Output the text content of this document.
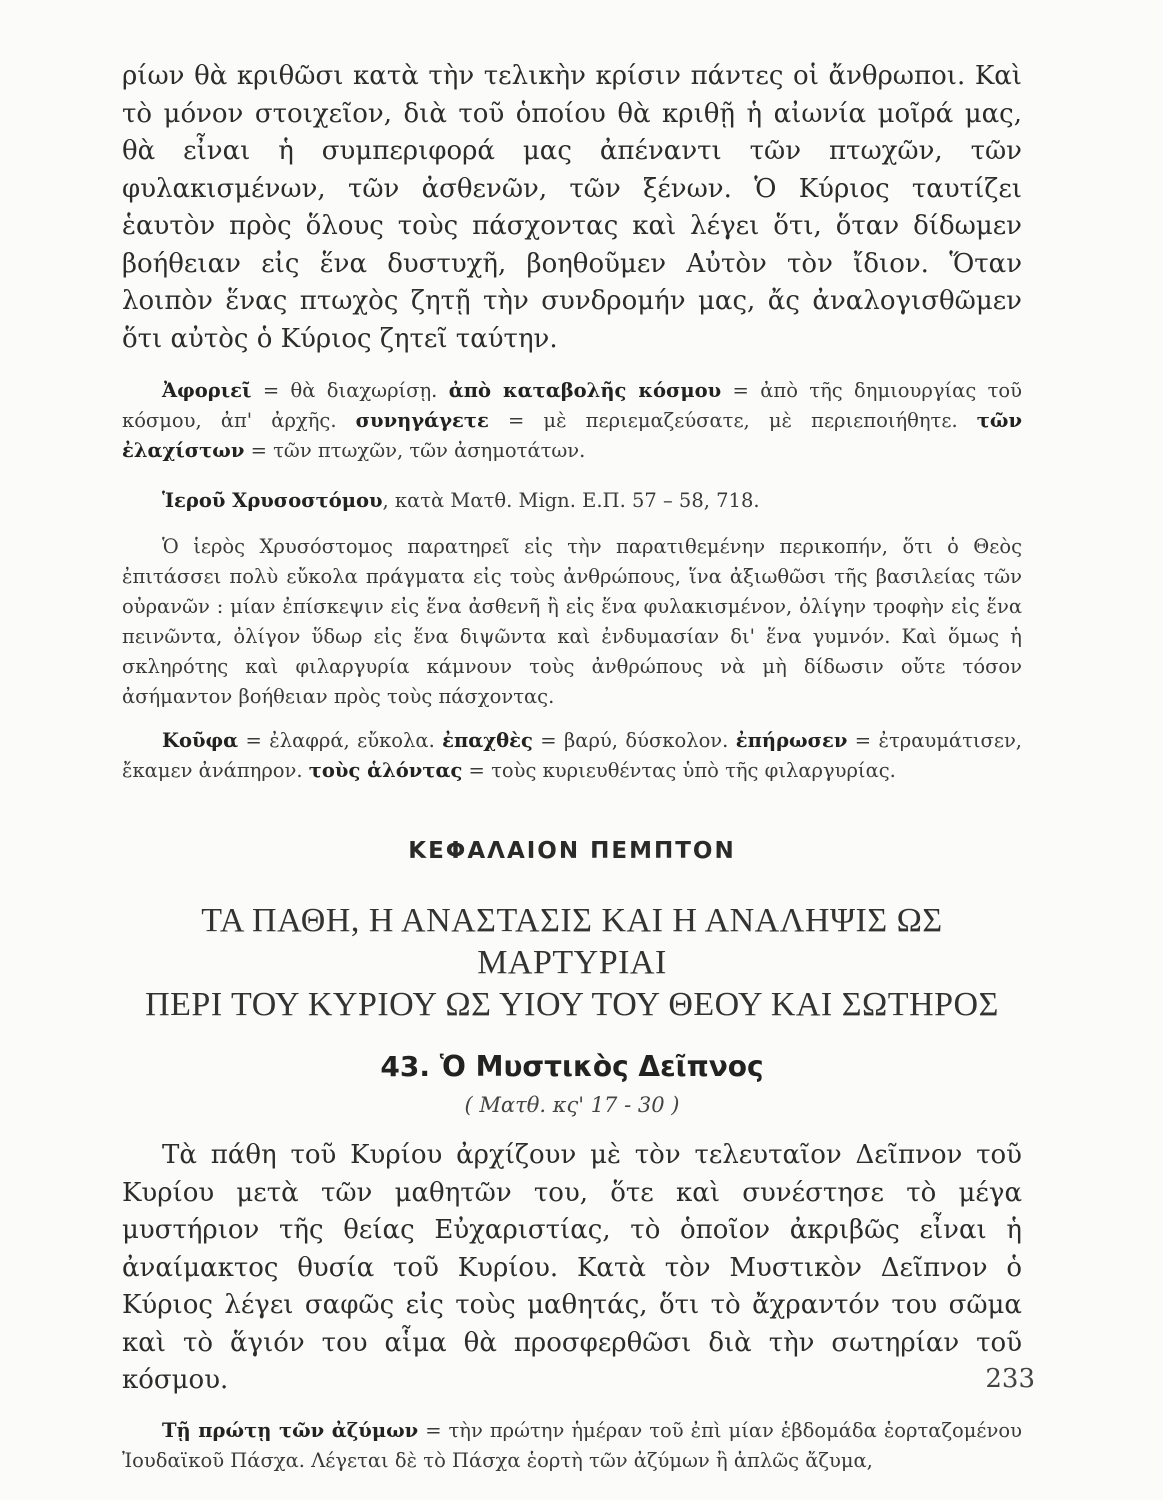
ρίων θὰ κριθῶσι κατὰ τὴν τελικὴν κρίσιν πάντες οἱ ἄνθρωποι. Καὶ τὸ μόνον στοιχεῖον, διὰ τοῦ ὁποίου θὰ κριθῇ ἡ αἰωνία μοῖρά μας, θὰ εἶναι ἡ συμπεριφορά μας ἀπέναντι τῶν πτωχῶν, τῶν φυλακισμένων, τῶν ἀσθενῶν, τῶν ξένων. Ὁ Κύριος ταυτίζει ἑαυτὸν πρὸς ὅλους τοὺς πάσχοντας καὶ λέγει ὅτι, ὅταν δίδωμεν βοήθειαν εἰς ἕνα δυστυχῆ, βοηθοῦμεν Αὐτὸν τὸν ἴδιον. Ὅταν λοιπὸν ἕνας πτωχὸς ζητῇ τὴν συνδρομήν μας, ἄς ἀναλογισθῶμεν ὅτι αὐτὸς ὁ Κύριος ζητεῖ ταύτην.

Ἀφοριεῖ = θὰ διαχωρίσῃ. ἀπὸ καταβολῆς κόσμου = ἀπὸ τῆς δημιουργίας τοῦ κόσμου, ἀπ' ἀρχῆς. συνηγάγετε = μὲ περιεμαζεύσατε, μὲ περιεποιήθητε. τῶν ἐλαχίστων = τῶν πτωχῶν, τῶν ἀσημοτάτων.

Ἱεροῦ Χρυσοστόμου, κατὰ Ματθ. Mign. Ε.Π. 57 – 58, 718.

Ὁ ἱερὸς Χρυσόστομος παρατηρεῖ εἰς τὴν παρατιθεμένην περικοπήν, ὅτι ὁ Θεὸς ἐπιτάσσει πολὺ εὔκολα πράγματα εἰς τοὺς ἀνθρώπους, ἵνα ἀξιωθῶσι τῆς βασιλείας τῶν οὐρανῶν : μίαν ἐπίσκεψιν εἰς ἕνα ἀσθενῆ ἢ εἰς ἕνα φυλακισμένον, ὀλίγην τροφὴν εἰς ἕνα πεινῶντα, ὀλίγον ὕδωρ εἰς ἕνα διψῶντα καὶ ἐνδυμασίαν δι' ἕνα γυμνόν. Καὶ ὅμως ἡ σκληρότης καὶ φιλαργυρία κάμνουν τοὺς ἀνθρώπους νὰ μὴ δίδωσιν οὔτε τόσον ἀσήμαντον βοήθειαν πρὸς τοὺς πάσχοντας.

Κοῦφα = ἐλαφρά, εὔκολα. ἐπαχθὲς = βαρύ, δύσκολον. ἐπήρωσεν = ἐτραυμάτισεν, ἔκαμεν ἀνάπηρον. τοὺς ἁλόντας = τοὺς κυριευθέντας ὑπὸ τῆς φιλαργυρίας.

ΚΕΦΑΛΑΙΟΝ ΠΕΜΠΤΟΝ
ΤΑ ΠΑΘΗ, Η ΑΝΑΣΤΑΣΙΣ ΚΑΙ Η ΑΝΑΛΗΨΙΣ ΩΣ ΜΑΡΤΥΡΙΑΙ
ΠΕΡΙ ΤΟΥ ΚΥΡΙΟΥ ΩΣ ΥΙΟΥ ΤΟΥ ΘΕΟΥ ΚΑΙ ΣΩΤΗΡΟΣ
43. Ὁ Μυστικὸς Δεῖπνος
( Ματθ. κς' 17 - 30 )

Τὰ πάθη τοῦ Κυρίου ἀρχίζουν μὲ τὸν τελευταῖον Δεῖπνον τοῦ Κυρίου μετὰ τῶν μαθητῶν του, ὅτε καὶ συνέστησε τὸ μέγα μυστήριον τῆς θείας Εὐχαριστίας, τὸ ὁποῖον ἀκριβῶς εἶναι ἡ ἀναίμακτος θυσία τοῦ Κυρίου. Κατὰ τὸν Μυστικὸν Δεῖπνον ὁ Κύριος λέγει σαφῶς εἰς τοὺς μαθητάς, ὅτι τὸ ἄχραντόν του σῶμα καὶ τὸ ἅγιόν του αἷμα θὰ προσφερθῶσι διὰ τὴν σωτηρίαν τοῦ κόσμου.

Τῇ πρώτῃ τῶν ἀζύμων = τὴν πρώτην ἡμέραν τοῦ ἐπὶ μίαν ἑβδομάδα ἑορταζομένου Ἰουδαϊκοῦ Πάσχα. Λέγεται δὲ τὸ Πάσχα ἑορτὴ τῶν ἀζύμων ἢ ἁπλῶς ἄζυμα,

233
